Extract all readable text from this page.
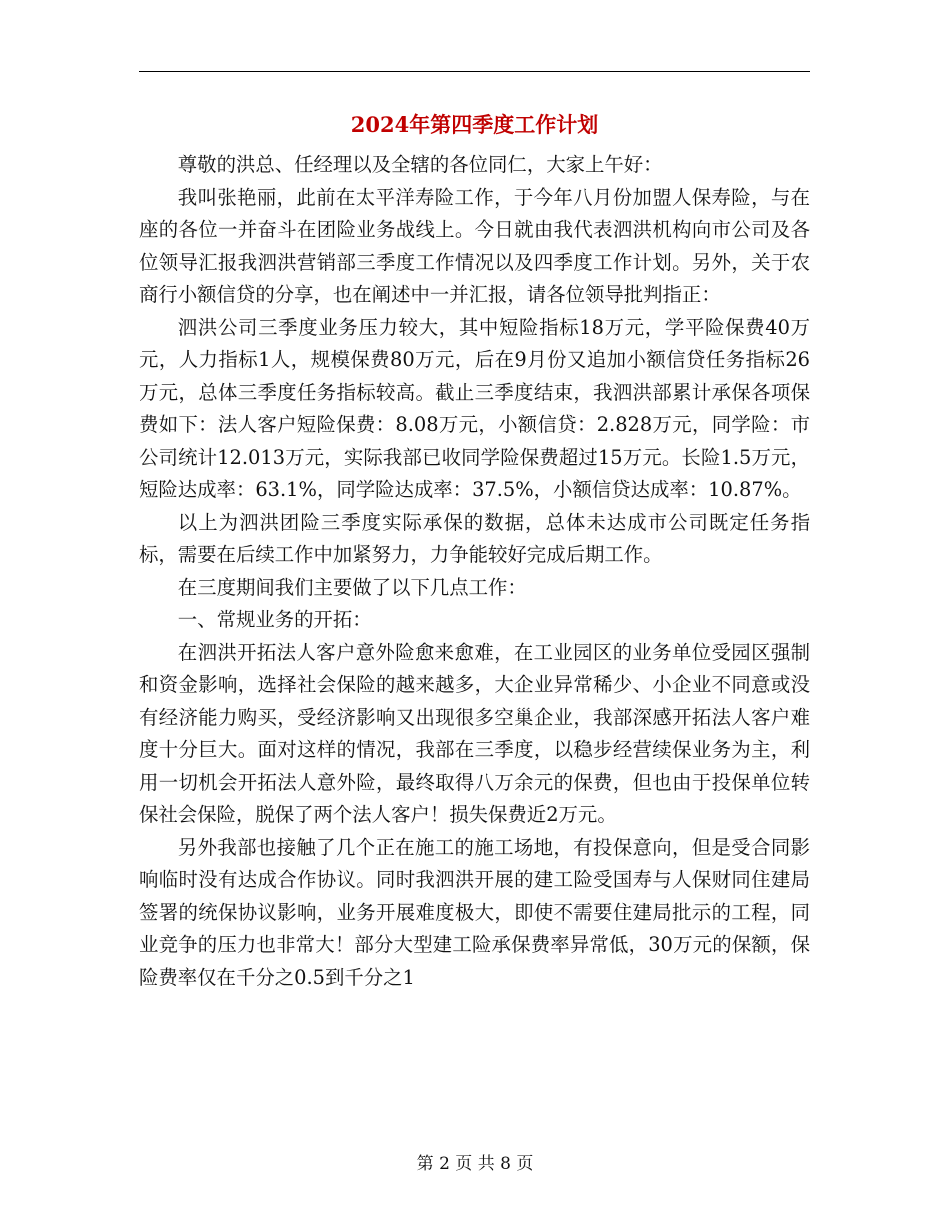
2024年第四季度工作计划

尊敬的洪总、任经理以及全辖的各位同仁，大家上午好：

我叫张艳丽，此前在太平洋寿险工作，于今年八月份加盟人保寿险，与在座的各位一并奋斗在团险业务战线上。今日就由我代表泗洪机构向市公司及各位领导汇报我泗洪营销部三季度工作情况以及四季度工作计划。另外，关于农商行小额信贷的分享，也在阐述中一并汇报，请各位领导批判指正：

泗洪公司三季度业务压力较大，其中短险指标18万元，学平险保费40万元，人力指标1人，规模保费80万元，后在9月份又追加小额信贷任务指标26万元，总体三季度任务指标较高。截止三季度结束，我泗洪部累计承保各项保费如下：法人客户短险保费：8.08万元，小额信贷：2.828万元，同学险：市公司统计12.013万元，实际我部已收同学险保费超过15万元。长险1.5万元，短险达成率：63.1%，同学险达成率：37.5%，小额信贷达成率：10.87%。

以上为泗洪团险三季度实际承保的数据，总体未达成市公司既定任务指标，需要在后续工作中加紧努力，力争能较好完成后期工作。

在三度期间我们主要做了以下几点工作：

一、常规业务的开拓：

在泗洪开拓法人客户意外险愈来愈难，在工业园区的业务单位受园区强制和资金影响，选择社会保险的越来越多，大企业异常稀少、小企业不同意或没有经济能力购买，受经济影响又出现很多空巢企业，我部深感开拓法人客户难度十分巨大。面对这样的情况，我部在三季度，以稳步经营续保业务为主，利用一切机会开拓法人意外险，最终取得八万余元的保费，但也由于投保单位转保社会保险，脱保了两个法人客户！损失保费近2万元。

另外我部也接触了几个正在施工的施工场地，有投保意向，但是受合同影响临时没有达成合作协议。同时我泗洪开展的建工险受国寿与人保财同住建局签署的统保协议影响，业务开展难度极大，即使不需要住建局批示的工程，同业竞争的压力也非常大！部分大型建工险承保费率异常低，30万元的保额，保险费率仅在千分之0.5到千分之1

第 2 页 共 8 页
